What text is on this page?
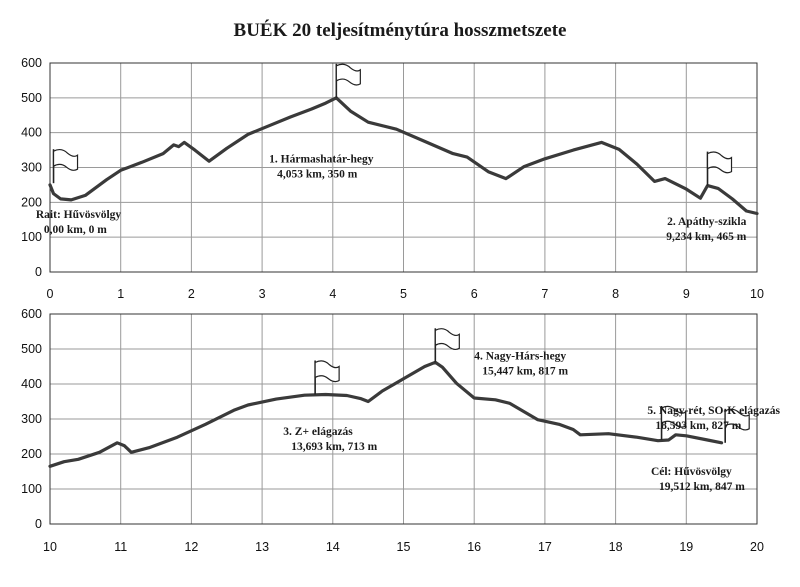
BUÉK 20 teljesítménytúra hosszmetszete
0	1	2	3	4	5	6	7	8	9	10
0
100
200
300
400
500
600
Rait: Hűvösvölgy 0,00 km, 0 m
1. Hármashatár-hegy 4,053 km, 350 m
2. Apáthy-szikla 9,234 km, 465 m
10	11	12	13	14	15	16	17	18	19	20
0
100
200
300
400
500
600
3. Z+ elágazás 13,693 km, 713 m
4. Nagy-Hárs-hegy 15,447 km, 817 m
5. Nagy-rét, SO-K elágazás 18,593 km, 827 m
Cél: Hűvösvölgy 19,512 km, 847 m
